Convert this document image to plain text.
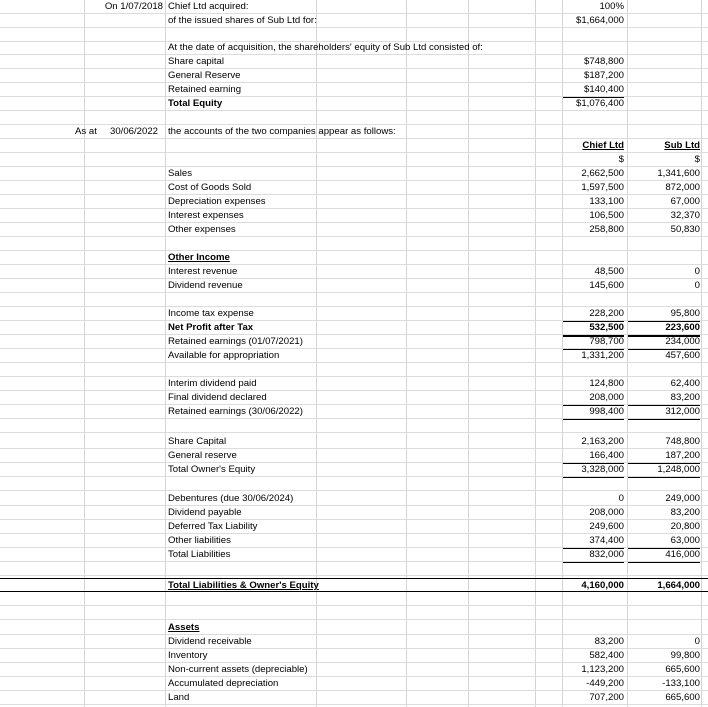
On 1/07/2018 Chief Ltd acquired:	100%
of the issued shares of Sub Ltd for:	$1,664,000
At the date of acquisition, the shareholders' equity of Sub Ltd consisted of:
Share capital	$748,800
General Reserve	$187,200
Retained earning	$140,400
Total Equity	$1,076,400
As at	30/06/2022 the accounts of the two companies appear as follows:
Chief Ltd	Sub Ltd
$	$
Sales	2,662,500	1,341,600
Cost of Goods Sold	1,597,500	872,000
Depreciation expenses	133,100	67,000
Interest expenses	106,500	32,370
Other expenses	258,800	50,830
Other Income
Interest revenue	48,500	0
Dividend revenue	145,600	0
Income tax expense	228,200	95,800
Net Profit after Tax	532,500	223,600
Retained earnings (01/07/2021)	798,700	234,000
Available for appropriation	1,331,200	457,600
Interim dividend paid	124,800	62,400
Final dividend declared	208,000	83,200
Retained earnings (30/06/2022)	998,400	312,000
Share Capital	2,163,200	748,800
General reserve	166,400	187,200
Total Owner's Equity	3,328,000	1,248,000
Debentures (due 30/06/2024)	0	249,000
Dividend payable	208,000	83,200
Deferred Tax Liability	249,600	20,800
Other liabilities	374,400	63,000
Total Liabilities	832,000	416,000
Total Liabilities & Owner's Equity	4,160,000	1,664,000
Assets
Dividend receivable	83,200	0
Inventory	582,400	99,800
Non-current assets (depreciable)	1,123,200	665,600
Accumulated depreciation	-449,200	-133,100
Land	707,200	665,600
